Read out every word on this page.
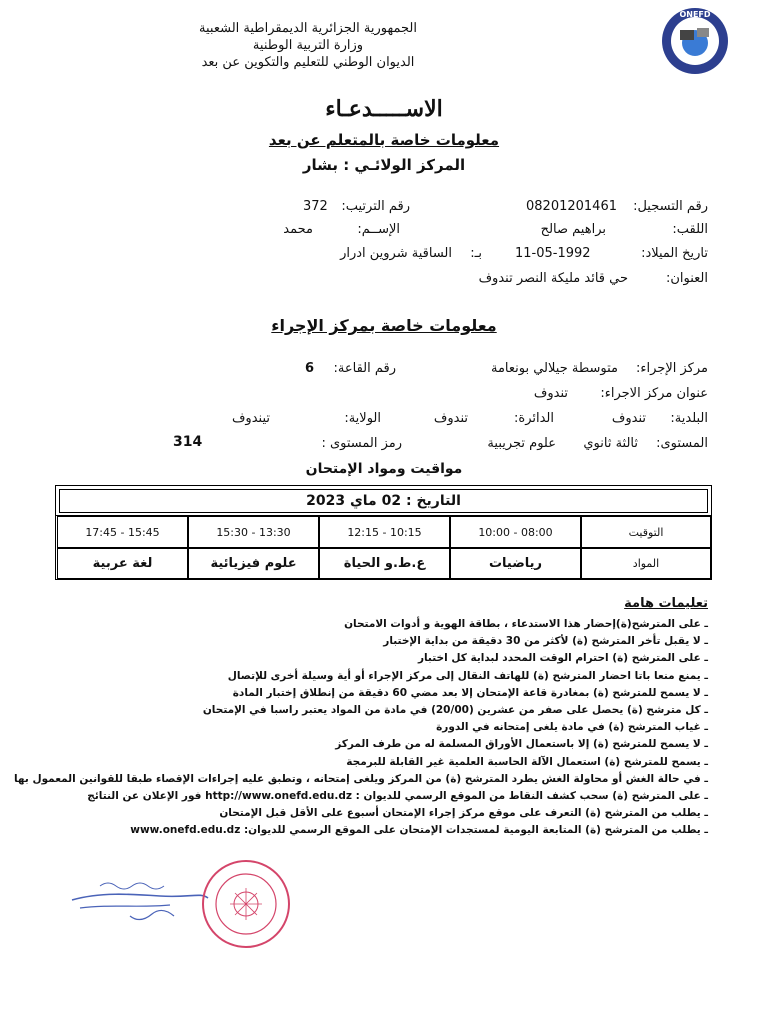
الجمهورية الجزائرية الديمقراطية الشعبية
وزارة التربية الوطنية
الديوان الوطني للتعليم والتكوين عن بعد
ONEFD
الاســـــدعـاء
معلومات خاصة بالمتعلم عن بعد
المركز الولائـي : بشار
رقم التسجيل:
08201201461
رقم الترتيب:
372
اللقب:
براهيم صالح
الإســم:
محمد
تاريخ الميلاد:
11-05-1992
بـ:
الساقية شروين ادرار
العنوان:
حي قائد مليكة النصر تندوف
معلومات خاصة بمركز الإجراء
مركز الإجراء:
متوسطة جيلالي بونعامة
رقم القاعة:
6
عنوان مركز الاجراء:
تندوف
البلدية:
تندوف
الدائرة:
تندوف
الولاية:
تيندوف
المستوى:
ثالثة ثانوي
علوم تجريبية
رمز المستوى :
314
مواقيت ومواد الإمتحان
التاريخ : 02 ماي 2023
التوقيت
10:00 - 08:00
12:15 - 10:15
15:30 - 13:30
17:45 - 15:45
المواد
رياضيات
ع.ط.و الحياة
علوم فيزيائية
لغة عربية
تعليمات هامة
ـ على المترشح(ة)إحضار هذا الاستدعاء ، بطاقة الهوية و أدوات الامتحان
ـ لا يقبل تأخر المترشح (ة) لأكثر من 30 دقيقة من بداية الإختبار
ـ على المترشح (ة) احترام الوقت المحدد لبداية كل اختبار
ـ يمنع منعا باتا احضار المترشح (ة) للهاتف النقال إلى مركز الإجراء أو أية وسيلة أخرى للإتصال
ـ لا يسمح للمترشح (ة) بمغادرة قاعة الإمتحان إلا بعد مضي 60 دقيقة من إنطلاق إختبار المادة
ـ كل مترشح (ة) يحصل على صفر من عشرين (20/00) في مادة من المواد يعتبر راسبا في الإمتحان
ـ غياب المترشح (ة) في مادة يلغى إمتحانه في الدورة
ـ لا يسمح للمترشح (ة) إلا باستعمال الأوراق المسلمة له من طرف المركز
ـ يسمح للمترشح (ة) استعمال الآلة الحاسبة العلمية غير القابلة للبرمجة
ـ في حالة الغش أو محاولة الغش يطرد المترشح (ة) من المركز ويلغى إمتحانه ، وتطبق عليه إجراءات الإقصاء طبقا للقوانين المعمول بها
ـ على المترشح (ة) سحب كشف النقاط من الموقع الرسمي للديوان : http://www.onefd.edu.dz فور الإعلان عن النتائج
ـ يطلب من المترشح (ة) التعرف على موقع مركز إجراء الإمتحان أسبوع على الأقل قبل الإمتحان
ـ يطلب من المترشح (ة) المتابعة اليومية لمستجدات الإمتحان على الموقع الرسمي للديوان: www.onefd.edu.dz
